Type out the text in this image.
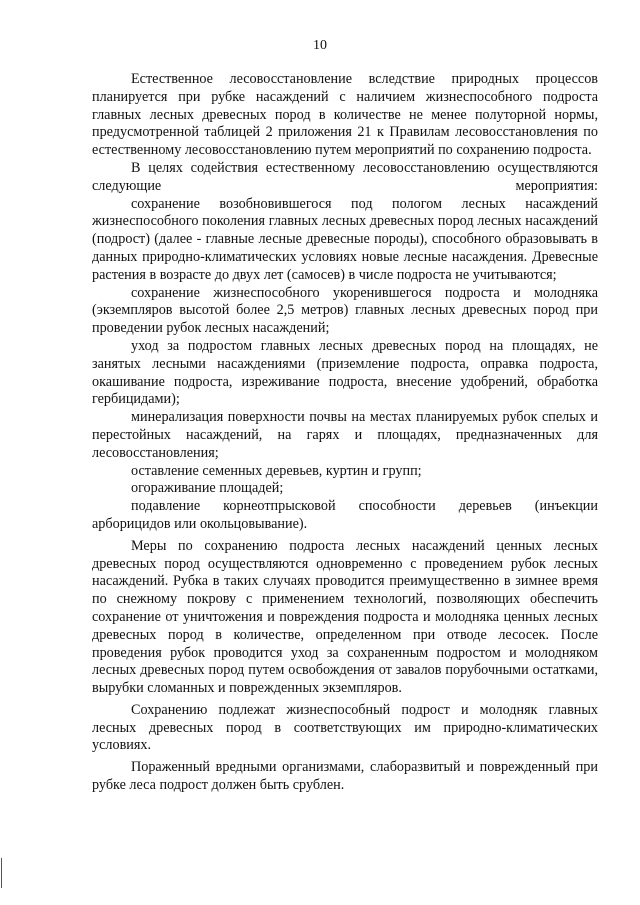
10

Естественное лесовосстановление вследствие природных процессов планируется при рубке насаждений с наличием жизнеспособного подроста главных лесных древесных пород в количестве не менее полуторной нормы, предусмотренной таблицей 2 приложения 21 к Правилам лесовосстановления по естественному лесовосстановлению путем мероприятий по сохранению подроста.

В целях содействия естественному лесовосстановлению осуществляются следующие мероприятия:

сохранение возобновившегося под пологом лесных насаждений жизнеспособного поколения главных лесных древесных пород лесных насаждений (подрост) (далее - главные лесные древесные породы), способного образовывать в данных природно-климатических условиях новые лесные насаждения. Древесные растения в возрасте до двух лет (самосев) в числе подроста не учитываются;

сохранение жизнеспособного укоренившегося подроста и молодняка (экземпляров высотой более 2,5 метров) главных лесных древесных пород при проведении рубок лесных насаждений;

уход за подростом главных лесных древесных пород на площадях, не занятых лесными насаждениями (приземление подроста, оправка подроста, окашивание подроста, изреживание подроста, внесение удобрений, обработка гербицидами);

минерализация поверхности почвы на местах планируемых рубок спелых и перестойных насаждений, на гарях и площадях, предназначенных для лесовосстановления;

оставление семенных деревьев, куртин и групп;

огораживание площадей;

подавление корнеотпрысковой способности деревьев (инъекции арборицидов или окольцовывание).

Меры по сохранению подроста лесных насаждений ценных лесных древесных пород осуществляются одновременно с проведением рубок лесных насаждений. Рубка в таких случаях проводится преимущественно в зимнее время по снежному покрову с применением технологий, позволяющих обеспечить сохранение от уничтожения и повреждения подроста и молодняка ценных лесных древесных пород в количестве, определенном при отводе лесосек. После проведения рубок проводится уход за сохраненным подростом и молодняком лесных древесных пород путем освобождения от завалов порубочными остатками, вырубки сломанных и поврежденных экземпляров.

Сохранению подлежат жизнеспособный подрост и молодняк главных лесных древесных пород в соответствующих им природно-климатических условиях.

Пораженный вредными организмами, слаборазвитый и поврежденный при рубке леса подрост должен быть срублен.
